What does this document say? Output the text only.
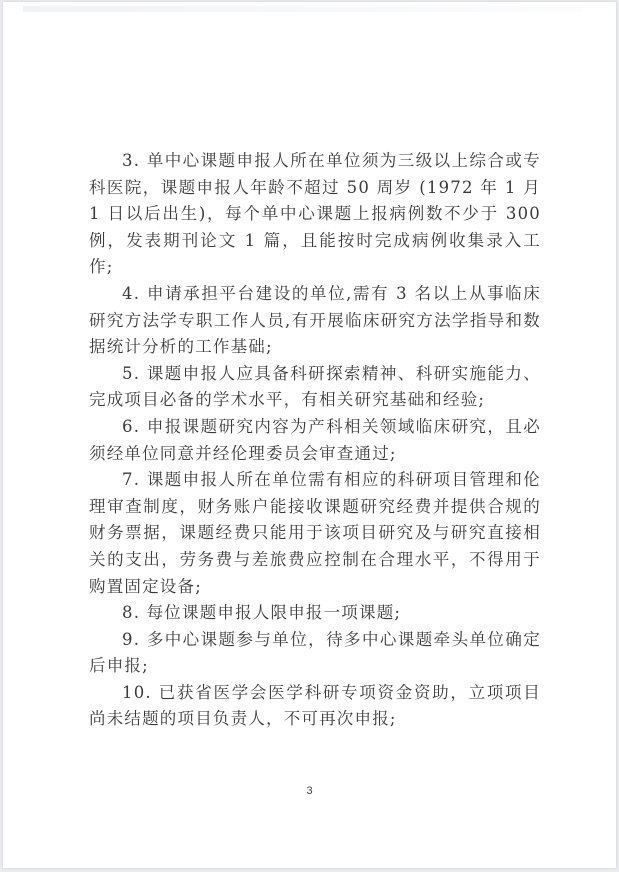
3. 单中心课题申报人所在单位须为三级以上综合或专科医院，课题申报人年龄不超过 50 周岁 (1972 年 1 月 1 日以后出生)，每个单中心课题上报病例数不少于 300 例，发表期刊论文 1 篇，且能按时完成病例收集录入工作;

4. 申请承担平台建设的单位,需有 3 名以上从事临床研究方法学专职工作人员,有开展临床研究方法学指导和数据统计分析的工作基础;

5. 课题申报人应具备科研探索精神、科研实施能力、完成项目必备的学术水平，有相关研究基础和经验;

6. 申报课题研究内容为产科相关领域临床研究，且必须经单位同意并经伦理委员会审查通过;

7. 课题申报人所在单位需有相应的科研项目管理和伦理审查制度，财务账户能接收课题研究经费并提供合规的财务票据，课题经费只能用于该项目研究及与研究直接相关的支出，劳务费与差旅费应控制在合理水平，不得用于购置固定设备;

8. 每位课题申报人限申报一项课题;

9. 多中心课题参与单位，待多中心课题牵头单位确定后申报;

10. 已获省医学会医学科研专项资金资助，立项项目尚未结题的项目负责人，不可再次申报;

3
